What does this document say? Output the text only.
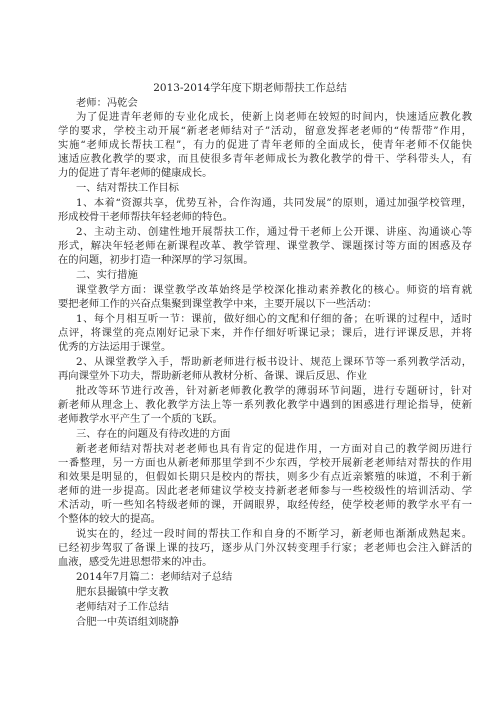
2013-2014学年度下期老师帮扶工作总结
老师：冯乾会
为了促进青年老师的专业化成长，使新上岗老师在较短的时间内，快速适应教化教
学的要求，学校主动开展“新老老师结对子”活动，留意发挥老老师的“传帮带”作用，
实施“老师成长帮扶工程”，有力的促进了青年老师的全面成长，使青年老师不仅能快
速适应教化教学的要求，而且使很多青年老师成长为教化教学的骨干、学科带头人，有
力的促进了青年老师的健康成长。
一、结对帮扶工作目标
1、本着“资源共享，优势互补，合作沟通，共同发展”的原则，通过加强学校管理，
形成校骨干老师帮扶年轻老师的特色。
2、主动主动、创建性地开展帮扶工作，通过骨干老师上公开课、讲座、沟通谈心等
形式，解决年轻老师在新课程改革、教学管理、课堂教学、课题探讨等方面的困惑及存
在的问题，初步打造一种深厚的学习氛围。
二、实行措施
课堂教学方面：课堂教学改革始终是学校深化推动素养教化的核心。师资的培育就
要把老师工作的兴奋点集聚到课堂教学中来，主要开展以下一些活动：
1、每个月相互听一节：课前，做好细心的文配和仔细的备；在听课的过程中，适时
点评，将课堂的亮点刚好记录下来，并作仔细好听课记录；课后，进行评课反思，并将
优秀的方法运用于课堂。
2、从课堂教学入手，帮助新老师进行板书设计、规范上课环节等一系列教学活动，
再向课堂外下功夫，帮助新老师从教材分析、备课、课后反思、作业
批改等环节进行改善，针对新老师教化教学的薄弱环节问题，进行专题研讨，针对
新老师从理念上、教化教学方法上等一系列教化教学中遇到的困惑进行理论指导，使新
老师教学水平产生了一个质的飞跃。
三、存在的问题及有待改进的方面
新老老师结对帮扶对老老师也具有肯定的促进作用，一方面对自己的教学阅历进行
一番整理，另一方面也从新老师那里学到不少东西，学校开展新老老师结对帮扶的作用
和效果是明显的，但假如长期只是校内的帮扶，则多少有点近亲繁殖的味道，不利于新
老师的进一步提高。因此老老师建议学校支持新老老师参与一些校级性的培训活动、学
术活动，听一些知名特级老师的课，开阔眼界，取经传经，使学校老师的教学水平有一
个整体的较大的提高。
说实在的，经过一段时间的帮扶工作和自身的不断学习，新老师也渐渐成熟起来。
已经初步驾驭了备课上课的技巧，逐步从门外汉转变理手行家；老老师也会注入鲜活的
血液，感受先进思想带来的冲击。
2014年7月篇二：老师结对子总结
肥东县撮镇中学支教
老师结对子工作总结
合肥一中英语组刘晓静
